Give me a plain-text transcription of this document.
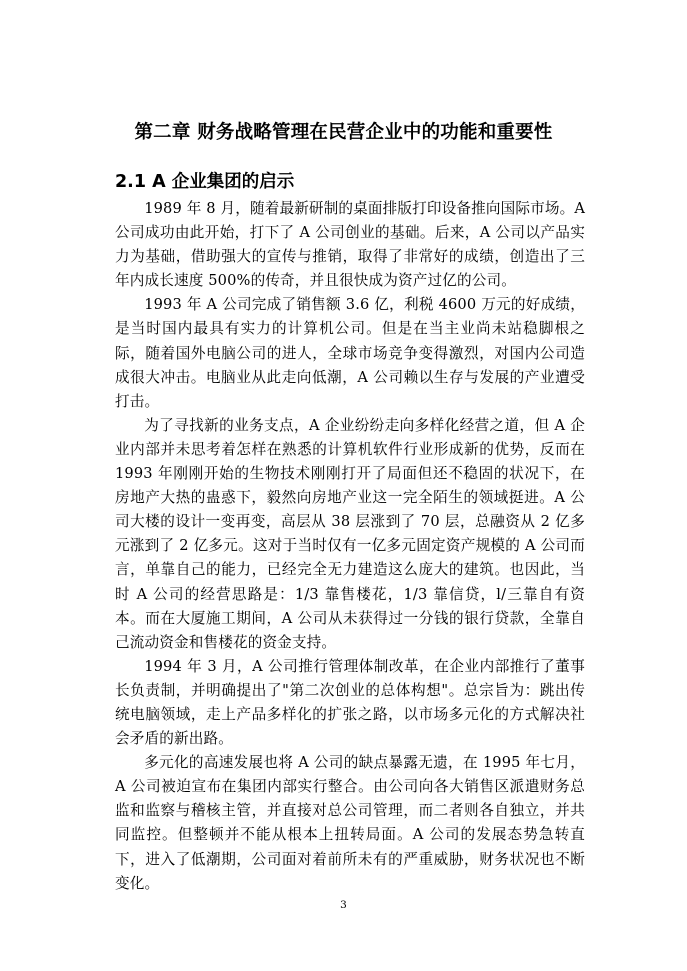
第二章 财务战略管理在民营企业中的功能和重要性
2.1 A 企业集团的启示

1989 年 8 月，随着最新研制的桌面排版打印设备推向国际市场。A 公司成功由此开始，打下了 A 公司创业的基础。后来，A 公司以产品实力为基础，借助强大的宣传与推销，取得了非常好的成绩，创造出了三年内成长速度 500%的传奇，并且很快成为资产过亿的公司。

1993 年 A 公司完成了销售额 3.6 亿，利税 4600 万元的好成绩，是当时国内最具有实力的计算机公司。但是在当主业尚未站稳脚根之际，随着国外电脑公司的进人，全球市场竞争变得激烈，对国内公司造成很大冲击。电脑业从此走向低潮，A 公司赖以生存与发展的产业遭受打击。

为了寻找新的业务支点，A 企业纷纷走向多样化经营之道，但 A 企业内部并未思考着怎样在熟悉的计算机软件行业形成新的优势，反而在 1993 年刚刚开始的生物技术刚刚打开了局面但还不稳固的状况下，在房地产大热的蛊惑下，毅然向房地产业这一完全陌生的领域挺进。A 公司大楼的设计一变再变，高层从 38 层涨到了 70 层，总融资从 2 亿多元涨到了 2 亿多元。这对于当时仅有一亿多元固定资产规模的 A 公司而言，单靠自己的能力，已经完全无力建造这么庞大的建筑。也因此，当时 A 公司的经营思路是：1/3 靠售楼花，1/3 靠信贷，l/三靠自有资本。而在大厦施工期间，A 公司从未获得过一分钱的银行贷款，全靠自己流动资金和售楼花的资金支持。

1994 年 3 月，A 公司推行管理体制改革，在企业内部推行了董事长负责制，并明确提出了"第二次创业的总体构想"。总宗旨为：跳出传统电脑领域，走上产品多样化的扩张之路，以市场多元化的方式解决社会矛盾的新出路。

多元化的高速发展也将 A 公司的缺点暴露无遗，在 1995 年七月，A 公司被迫宣布在集团内部实行整合。由公司向各大销售区派遣财务总监和监察与稽核主管，并直接对总公司管理，而二者则各自独立，并共同监控。但整顿并不能从根本上扭转局面。A 公司的发展态势急转直下，进入了低潮期，公司面对着前所未有的严重威胁，财务状况也不断变化。

3
